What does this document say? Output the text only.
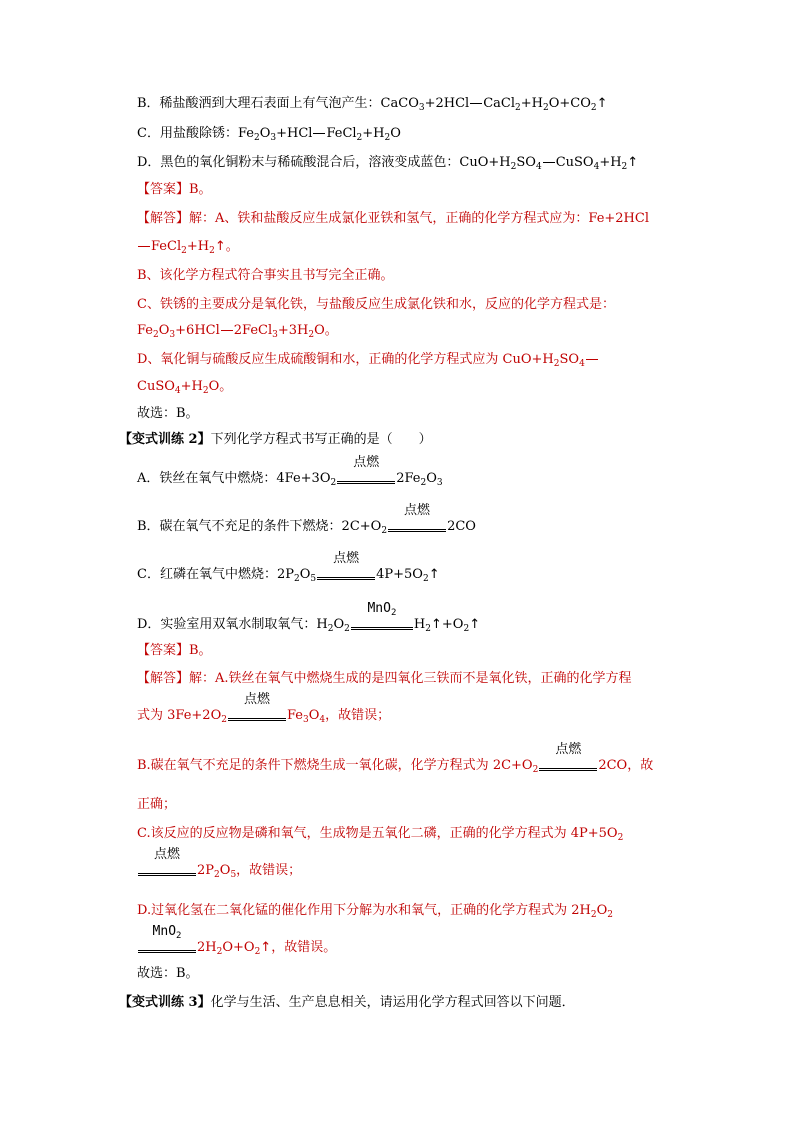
B．稀盐酸洒到大理石表面上有气泡产生：CaCO$_3$+2HCl $CaCl_2+H_2O+CO_2↑$
C．用盐酸除锈：$Fe_2O_3+HCl$ $FeCl_2+H_2O$
D．黑色的氧化铜粉末与稀硫酸混合后，溶液变成蓝色：$CuO+H_2SO_4$ $CuSO_4+H_2↑$
【答案】B。
【解答】解：A、铁和盐酸反应生成氯化亚铁和氢气，正确的化学方程式应为：Fe+2HCl
$FeCl_2+H_2↑$。
B、该化学方程式符合事实且书写完全正确。
C、铁锈的主要成分是氧化铁，与盐酸反应生成氯化铁和水，反应的化学方程式是：
$Fe_2O_3+6HCl$ $2FeCl_3+3H_2O$。
D、氧化铜与硫酸反应生成硫酸铜和水，正确的化学方程式应为 $CuO+H_2SO_4$
$CuSO_4+H_2O$。
故选：B。
【变式训练 2】下列化学方程式书写正确的是（　　）
A．铁丝在氧气中燃烧：$4Fe+3O_2$
点燃
$2Fe_2O_3$
B．碳在氧气不充足的条件下燃烧：$2C+O_2$
点燃
2CO
C．红磷在氧气中燃烧：$2P_2O_5$
点燃
$4P+5O_2↑$
D．实验室用双氧水制取氧气：$H_2O_2$
MnO$_2$
$H_2↑+O_2↑$
【答案】B。
【解答】解：A.铁丝在氧气中燃烧生成的是四氧化三铁而不是氧化铁，正确的化学方程
式为 $3Fe+2O_2$
点燃
$Fe_3O_4$，故错误；
B.碳在氧气不充足的条件下燃烧生成一氧化碳，化学方程式为 $2C+O_2$
点燃
2CO，故
正确；
C.该反应的反应物是磷和氧气，生成物是五氧化二磷，正确的化学方程式为 $4P+5O_2$
点燃
$2P_2O_5$，故错误；
D.过氧化氢在二氧化锰的催化作用下分解为水和氧气，正确的化学方程式为 $2H_2O_2$
MnO$_2$
$2H_2O+O_2↑$，故错误。
故选：B。
【变式训练 3】化学与生活、生产息息相关，请运用化学方程式回答以下问题．
